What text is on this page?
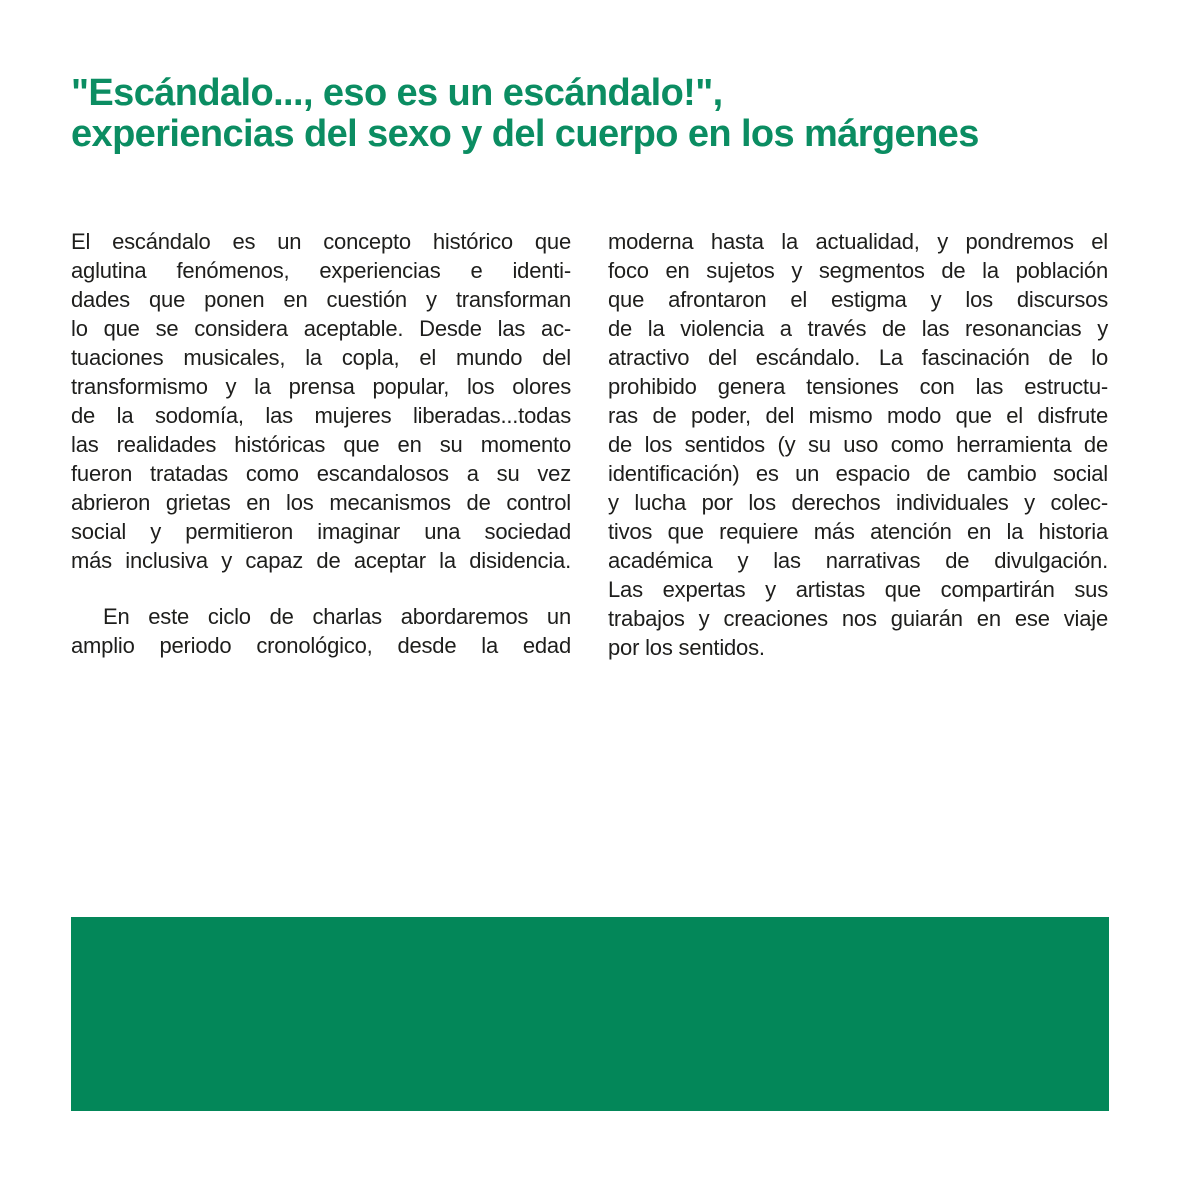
"Escándalo..., eso es un escándalo!",
experiencias del sexo y del cuerpo en los márgenes
El escándalo es un concepto histórico que
aglutina fenómenos, experiencias e identi-
dades que ponen en cuestión y transforman
lo que se considera aceptable. Desde las ac-
tuaciones musicales, la copla, el mundo del
transformismo y la prensa popular, los olores
de la sodomía, las mujeres liberadas...todas
las realidades históricas que en su momento
fueron tratadas como escandalosos a su vez
abrieron grietas en los mecanismos de control
social y permitieron imaginar una sociedad
más inclusiva y capaz de aceptar la disidencia.
En este ciclo de charlas abordaremos un
amplio periodo cronológico, desde la edad
moderna hasta la actualidad, y pondremos el
foco en sujetos y segmentos de la población
que afrontaron el estigma y los discursos
de la violencia a través de las resonancias y
atractivo del escándalo. La fascinación de lo
prohibido genera tensiones con las estructu-
ras de poder, del mismo modo que el disfrute
de los sentidos (y su uso como herramienta de
identificación) es un espacio de cambio social
y lucha por los derechos individuales y colec-
tivos que requiere más atención en la historia
académica y las narrativas de divulgación.
Las expertas y artistas que compartirán sus
trabajos y creaciones nos guiarán en ese viaje
por los sentidos.
